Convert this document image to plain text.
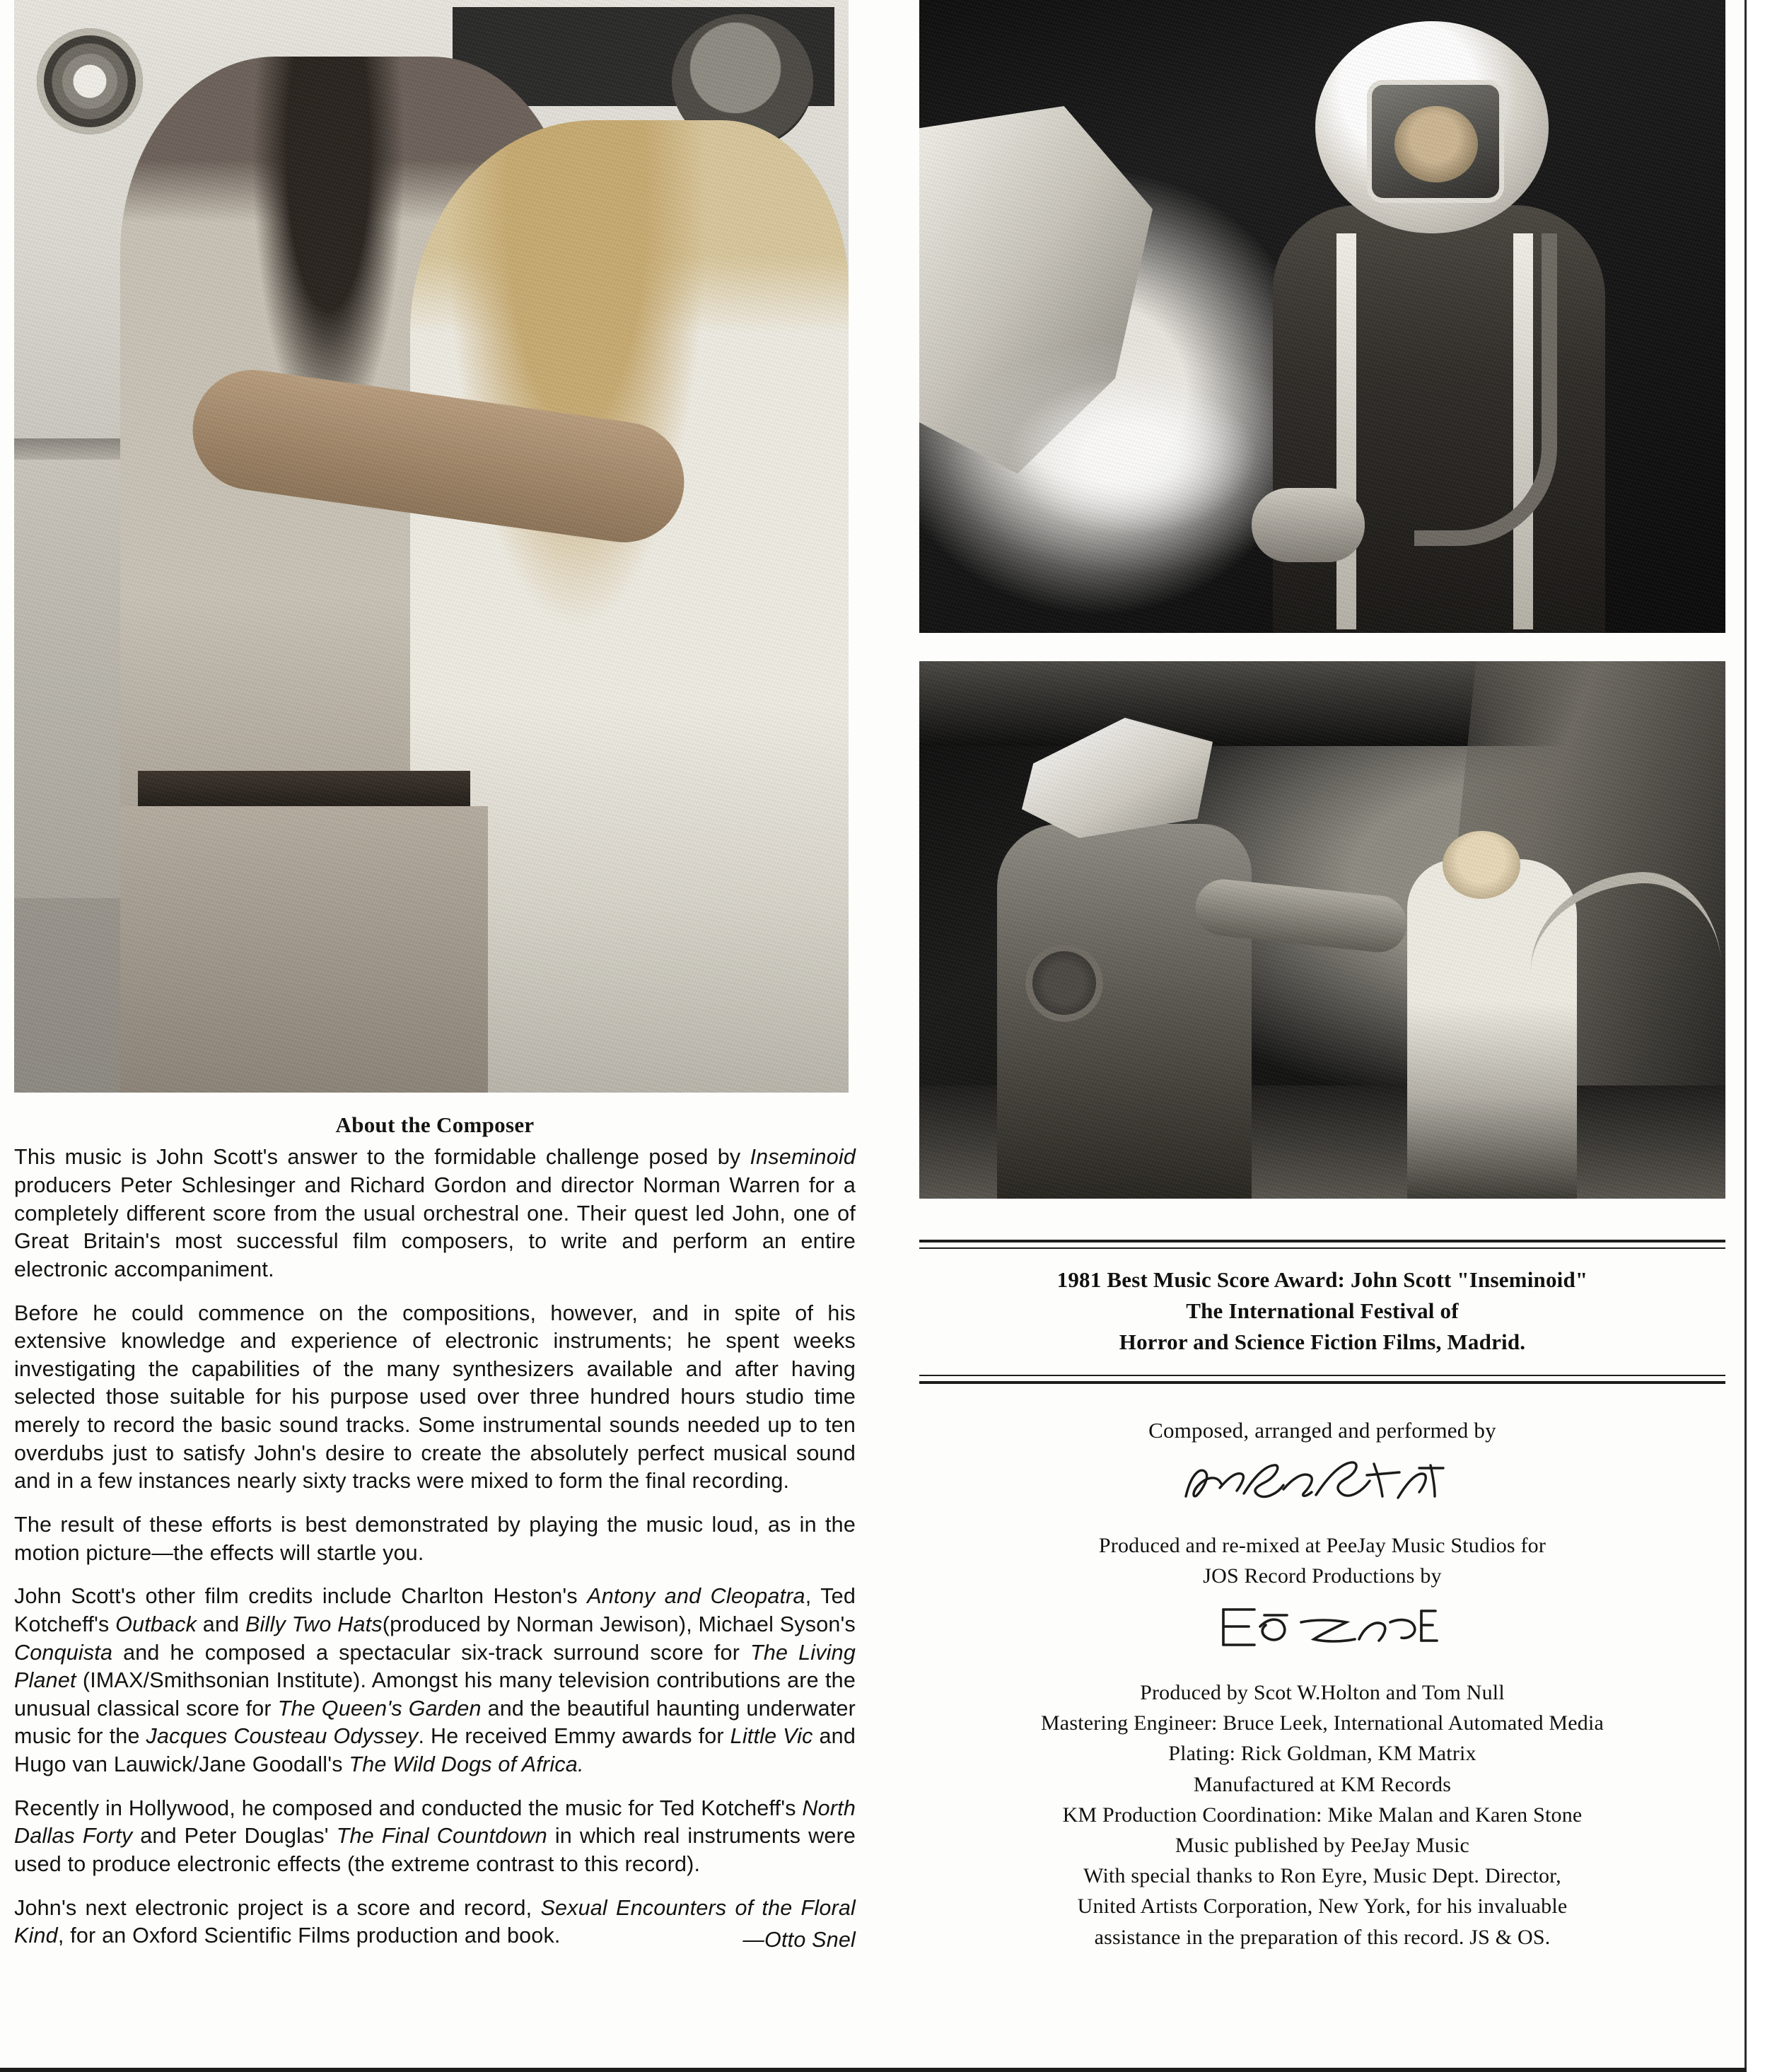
About the Composer

This music is John Scott's answer to the formidable challenge posed by Inseminoid producers Peter Schlesinger and Richard Gordon and director Norman Warren for a completely different score from the usual orchestral one. Their quest led John, one of Great Britain's most successful film composers, to write and perform an entire electronic accompaniment.

Before he could commence on the compositions, however, and in spite of his extensive knowledge and experience of electronic instruments; he spent weeks investigating the capabilities of the many synthesizers available and after having selected those suitable for his purpose used over three hundred hours studio time merely to record the basic sound tracks. Some instrumental sounds needed up to ten overdubs just to satisfy John's desire to create the absolutely perfect musical sound and in a few instances nearly sixty tracks were mixed to form the final recording.

The result of these efforts is best demonstrated by playing the music loud, as in the motion picture—the effects will startle you.

John Scott's other film credits include Charlton Heston's Antony and Cleopatra, Ted Kotcheff's Outback and Billy Two Hats(produced by Norman Jewison), Michael Syson's Conquista and he composed a spectacular six-track surround score for The Living Planet (IMAX/Smithsonian Institute). Amongst his many television contributions are the unusual classical score for The Queen's Garden and the beautiful haunting underwater music for the Jacques Cousteau Odyssey. He received Emmy awards for Little Vic and Hugo van Lauwick/Jane Goodall's The Wild Dogs of Africa.

Recently in Hollywood, he composed and conducted the music for Ted Kotcheff's North Dallas Forty and Peter Douglas' The Final Countdown in which real instruments were used to produce electronic effects (the extreme contrast to this record).

John's next electronic project is a score and record, Sexual Encounters of the Floral Kind, for an Oxford Scientific Films production and book.	—Otto Snel

1981 Best Music Score Award: John Scott "Inseminoid"
The International Festival of
Horror and Science Fiction Films, Madrid.

Composed, arranged and performed by

Produced and re-mixed at PeeJay Music Studios for

JOS Record Productions by

Produced by Scot W.Holton and Tom Null

Mastering Engineer: Bruce Leek, International Automated Media

Plating: Rick Goldman, KM Matrix

Manufactured at KM Records

KM Production Coordination: Mike Malan and Karen Stone

Music published by PeeJay Music

With special thanks to Ron Eyre, Music Dept. Director,

United Artists Corporation, New York, for his invaluable

assistance in the preparation of this record. JS & OS.
